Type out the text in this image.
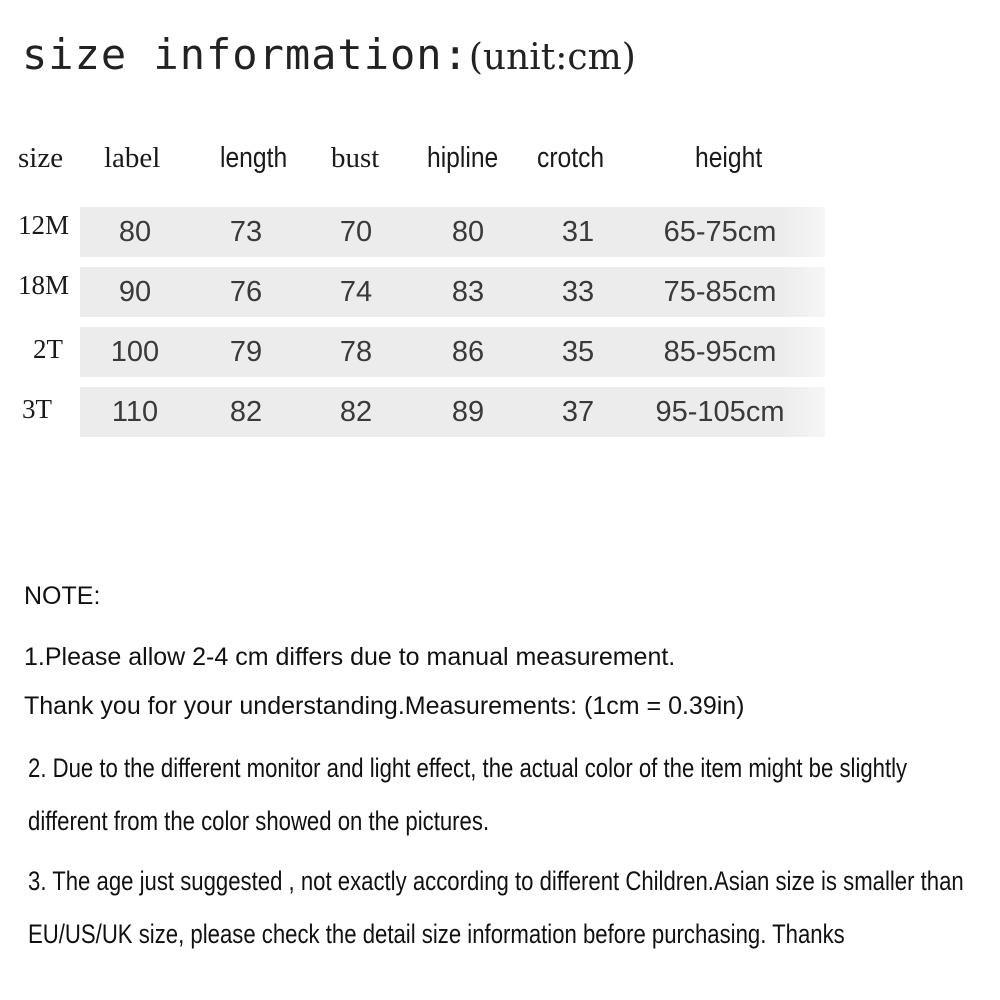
size information:(unit:cm)
size label length bust hipline crotch	height
12M	80	73	70	80	31	65-75cm
18M	90	76	74	83	33	75-85cm
2T	100	79	78	86	35	85-95cm
3T	110	82	82	89	37	95-105cm
NOTE:
1.Please allow 2-4 cm differs due to manual measurement.
Thank you for your understanding.Measurements: (1cm = 0.39in)
2. Due to the different monitor and light effect, the actual color of the item might be slightly
different from the color showed on the pictures.
3. The age just suggested , not exactly according to different Children.Asian size is smaller than
EU/US/UK size, please check the detail size information before purchasing. Thanks
